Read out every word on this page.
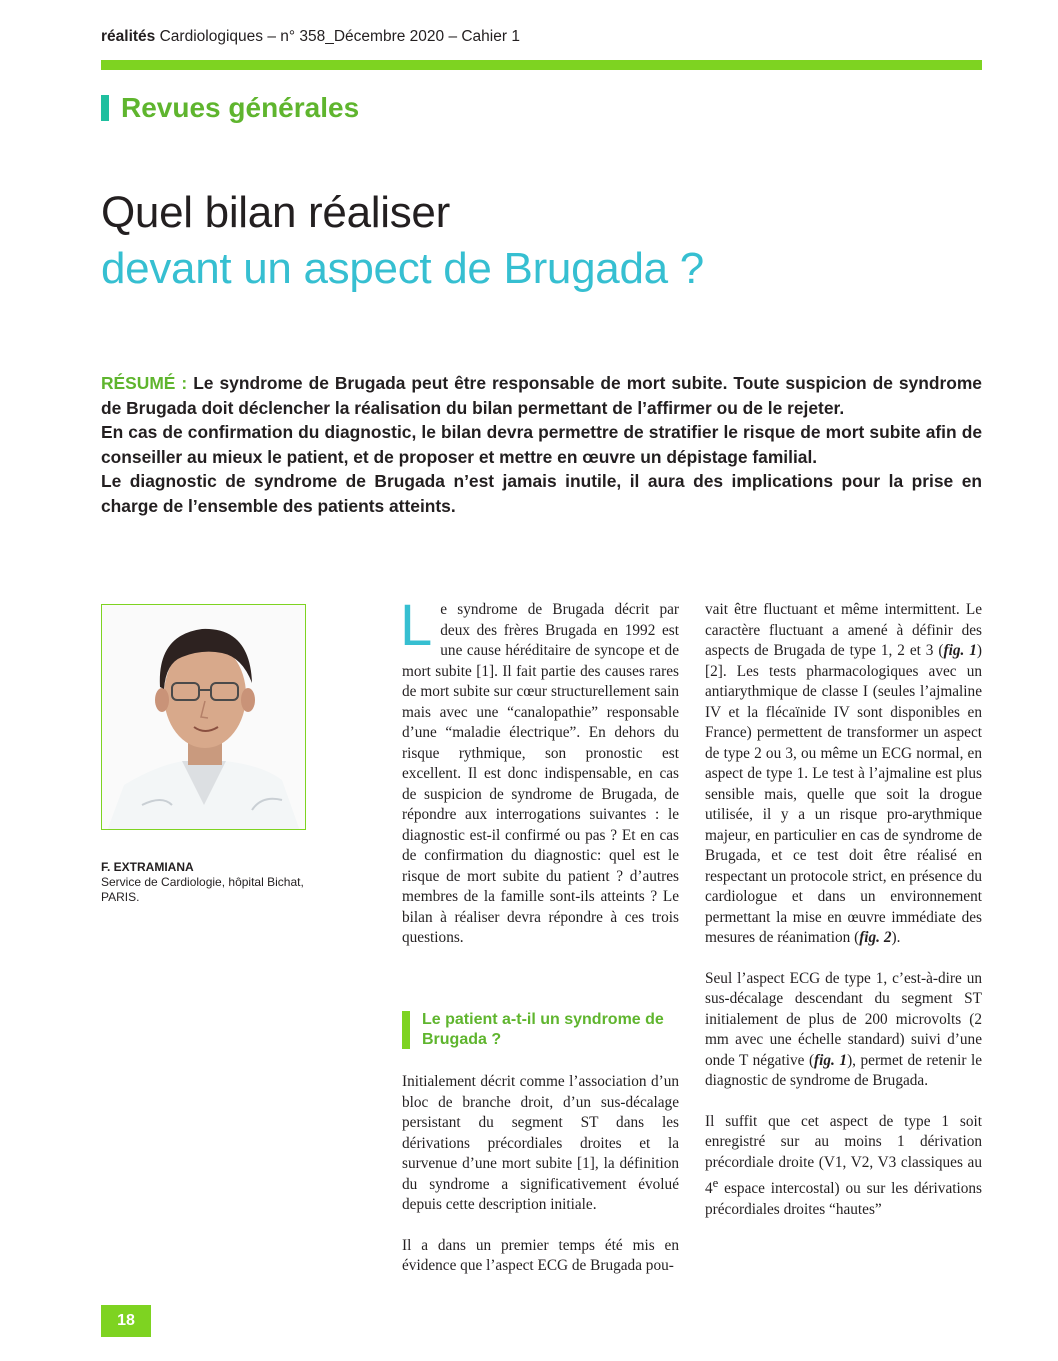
réalités Cardiologiques – n° 358_Décembre 2020 – Cahier 1
Revues générales
Quel bilan réaliser
devant un aspect de Brugada ?

RÉSUMÉ : Le syndrome de Brugada peut être responsable de mort subite. Toute suspicion de syndrome de Brugada doit déclencher la réalisation du bilan permettant de l’affirmer ou de le rejeter.

En cas de confirmation du diagnostic, le bilan devra permettre de stratifier le risque de mort subite afin de conseiller au mieux le patient, et de proposer et mettre en œuvre un dépistage familial.

Le diagnostic de syndrome de Brugada n’est jamais inutile, il aura des implications pour la prise en charge de l’ensemble des patients atteints.

F. EXTRAMIANA
Service de Cardiologie, hôpital Bichat,
PARIS.

Le syndrome de Brugada décrit par deux des frères Brugada en 1992 est une cause héréditaire de syncope et de mort subite [1]. Il fait partie des causes rares de mort subite sur cœur structurellement sain mais avec une “canalopathie” responsable d’une “maladie électrique”. En dehors du risque rythmique, son pronostic est excellent. Il est donc indispensable, en cas de suspicion de syndrome de Brugada, de répondre aux interrogations suivantes : le diagnostic est-il confirmé ou pas ? Et en cas de confirmation du diagnostic: quel est le risque de mort subite du patient ? d’autres membres de la famille sont-ils atteints ? Le bilan à réaliser devra répondre à ces trois questions.

Le patient a-t-il un syndrome de Brugada ?

Initialement décrit comme l’association d’un bloc de branche droit, d’un sus-décalage persistant du segment ST dans les dérivations précordiales droites et la survenue d’une mort subite [1], la définition du syndrome a significativement évolué depuis cette description initiale.

Il a dans un premier temps été mis en évidence que l’aspect ECG de Brugada pou-

vait être fluctuant et même intermittent. Le caractère fluctuant a amené à définir des aspects de Brugada de type 1, 2 et 3 (fig. 1) [2]. Les tests pharmacologiques avec un antiarythmique de classe I (seules l’ajmaline IV et la flécaïnide IV sont disponibles en France) permettent de transformer un aspect de type 2 ou 3, ou même un ECG normal, en aspect de type 1. Le test à l’ajmaline est plus sensible mais, quelle que soit la drogue utilisée, il y a un risque pro-arythmique majeur, en particulier en cas de syndrome de Brugada, et ce test doit être réalisé en respectant un protocole strict, en présence du cardiologue et dans un environnement permettant la mise en œuvre immédiate des mesures de réanimation (fig. 2).

Seul l’aspect ECG de type 1, c’est-à-dire un sus-décalage descendant du segment ST initialement de plus de 200 microvolts (2 mm avec une échelle standard) suivi d’une onde T négative (fig. 1), permet de retenir le diagnostic de syndrome de Brugada.

Il suffit que cet aspect de type 1 soit enregistré sur au moins 1 dérivation précordiale droite (V1, V2, V3 classiques au 4e espace intercostal) ou sur les dérivations précordiales droites “hautes”

18
